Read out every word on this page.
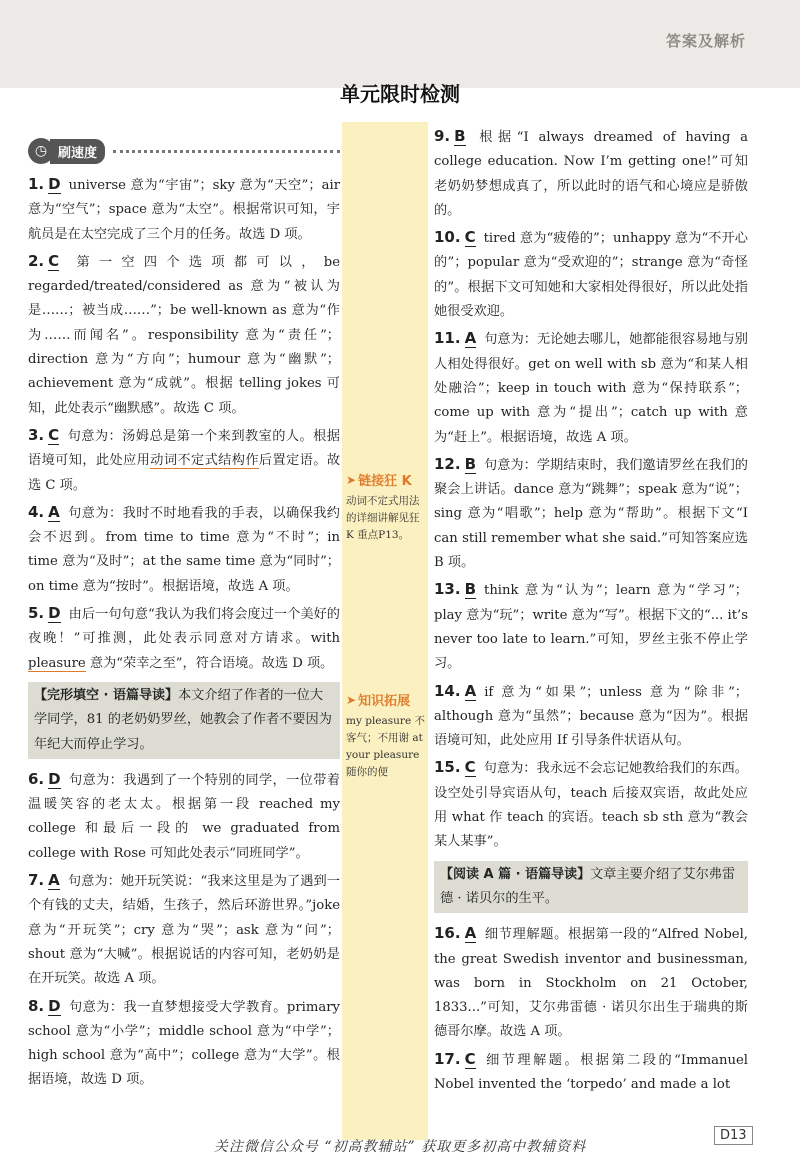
答案及解析
单元限时检测
◷ 刷速度
1. D universe 意为“宇宙”；sky 意为“天空”；air 意为“空气”；space 意为“太空”。根据常识可知，宇航员是在太空完成了三个月的任务。故选 D 项。
2. C 第一空四个选项都可以，be regarded/treated/considered as 意为“被认为是……；被当成……”；be well-known as 意为“作为……而闻名”。responsibility 意为“责任”；direction 意为“方向”；humour 意为“幽默”；achievement 意为“成就”。根据 telling jokes 可知，此处表示“幽默感”。故选 C 项。
3. C 句意为：汤姆总是第一个来到教室的人。根据语境可知，此处应用动词不定式结构作后置定语。故选 C 项。
4. A 句意为：我时不时地看我的手表，以确保我约会不迟到。from time to time 意为“不时”；in time 意为“及时”；at the same time 意为“同时”；on time 意为“按时”。根据语境，故选 A 项。
5. D 由后一句句意“我认为我们将会度过一个美好的夜晚！”可推测，此处表示同意对方请求。with pleasure 意为“荣幸之至”，符合语境。故选 D 项。
【完形填空 · 语篇导读】本文介绍了作者的一位大学同学，81 的老奶奶罗丝，她教会了作者不要因为年纪大而停止学习。
6. D 句意为：我遇到了一个特别的同学，一位带着温暖笑容的老太太。根据第一段 reached my college 和最后一段的 we graduated from college with Rose 可知此处表示“同班同学”。
7. A 句意为：她开玩笑说：“我来这里是为了遇到一个有钱的丈夫，结婚，生孩子，然后环游世界。”joke 意为“开玩笑”；cry 意为“哭”；ask 意为“问”；shout 意为“大喊”。根据说话的内容可知，老奶奶是在开玩笑。故选 A 项。
8. D 句意为：我一直梦想接受大学教育。primary school 意为“小学”；middle school 意为“中学”；high school 意为“高中”；college 意为“大学”。根据语境，故选 D 项。
➤ 链接狂 K
动词不定式用法的详细讲解见狂 K 重点P13。
➤ 知识拓展
my pleasure 不客气；不用谢 at your pleasure 随你的便
9. B 根据“I always dreamed of having a college education. Now I’m getting one!”可知老奶奶梦想成真了，所以此时的语气和心境应是骄傲的。
10. C tired 意为“疲倦的”；unhappy 意为“不开心的”；popular 意为“受欢迎的”；strange 意为“奇怪的”。根据下文可知她和大家相处得很好，所以此处指她很受欢迎。
11. A 句意为：无论她去哪儿，她都能很容易地与别人相处得很好。get on well with sb 意为“和某人相处融洽”；keep in touch with 意为“保持联系”；come up with 意为“提出”；catch up with 意为“赶上”。根据语境，故选 A 项。
12. B 句意为：学期结束时，我们邀请罗丝在我们的聚会上讲话。dance 意为“跳舞”；speak 意为“说”；sing 意为“唱歌”；help 意为“帮助”。根据下文“I can still remember what she said.”可知答案应选 B 项。
13. B think 意为“认为”；learn 意为“学习”；play 意为“玩”；write 意为“写”。根据下文的“... it’s never too late to learn.”可知，罗丝主张不停止学习。
14. A if 意为“如果”；unless 意为“除非”；although 意为“虽然”；because 意为“因为”。根据语境可知，此处应用 If 引导条件状语从句。
15. C 句意为：我永远不会忘记她教给我们的东西。设空处引导宾语从句，teach 后接双宾语，故此处应用 what 作 teach 的宾语。teach sb sth 意为“教会某人某事”。
【阅读 A 篇 · 语篇导读】文章主要介绍了艾尔弗雷德 · 诺贝尔的生平。
16. A 细节理解题。根据第一段的“Alfred Nobel, the great Swedish inventor and businessman, was born in Stockholm on 21 October, 1833...”可知，艾尔弗雷德 · 诺贝尔出生于瑞典的斯德哥尔摩。故选 A 项。
17. C 细节理解题。根据第二段的“Immanuel Nobel invented the ‘torpedo’ and made a lot
D13
关注微信公众号 “初高教辅站” 获取更多初高中教辅资料
